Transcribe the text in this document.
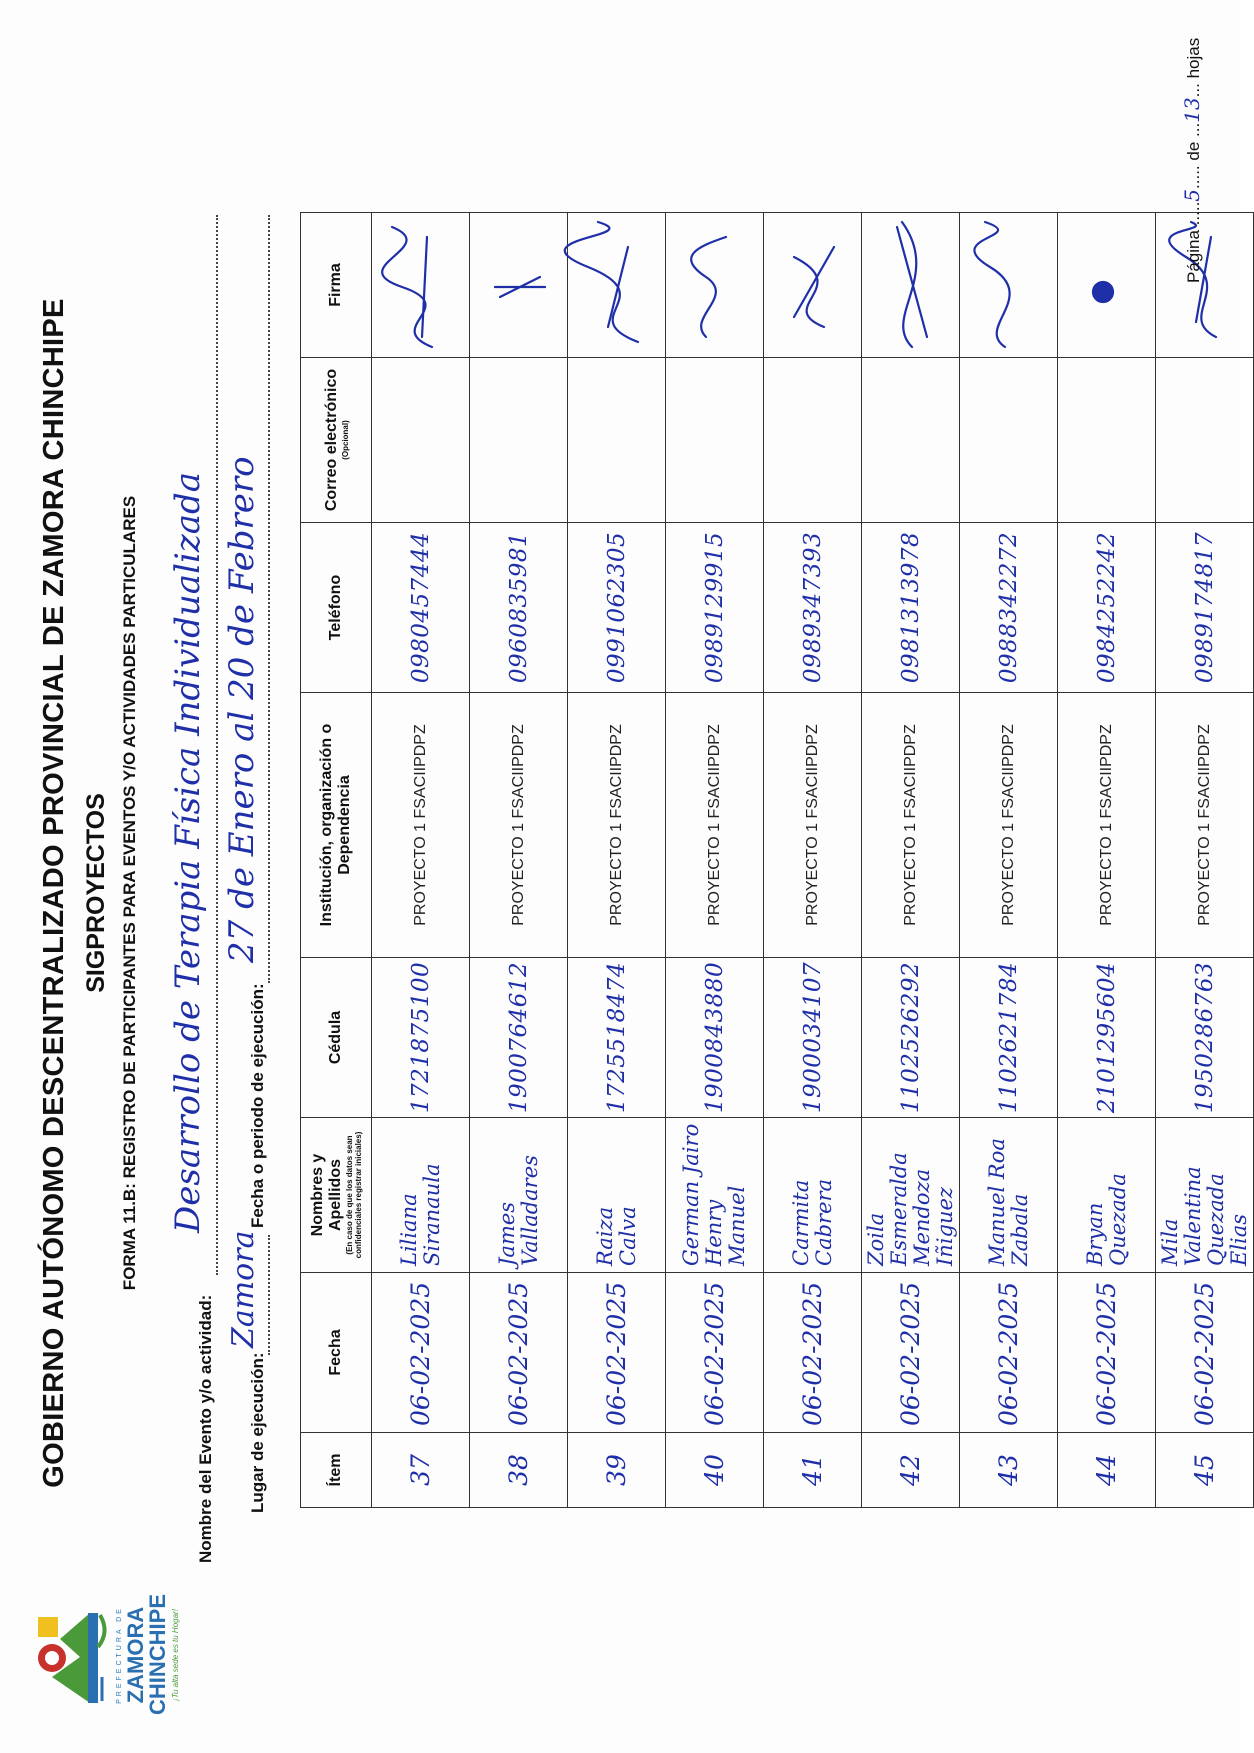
PREFECTURA DE ZAMORA
CHINCHIPE ¡Tu alta sede es tu Hogar!
GOBIERNO AUTÓNOMO DESCENTRALIZADO PROVINCIAL DE ZAMORA CHINCHIPE SIGPROYECTOS FORMA 11.B: REGISTRO DE PARTICIPANTES PARA EVENTOS Y/O ACTIVIDADES PARTICULARES
Nombre del Evento y/o actividad:
Desarrollo de Terapia Física Individualizada
Lugar de ejecución:
Zamora
Fecha o periodo de ejecución:
27 de Enero al 20 de Febrero
Ítem	Fecha	Nombres y Apellidos (En caso de que los datos sean confidenciales registrar iniciales)	Cédula	Institución, organización o Dependencia	Teléfono	Correo electrónico (Opcional)	Firma
37	06-02-2025	Liliana Siranaula	1721875100	PROYECTO 1 FSACIIPDPZ	0980457444		

38	06-02-2025	James Valladares	1900764612	PROYECTO 1 FSACIIPDPZ	0960835981		

39	06-02-2025	Raiza Calva	1725518474	PROYECTO 1 FSACIIPDPZ	0991062305		

40	06-02-2025	German Jairo Henry Manuel	1900843880	PROYECTO 1 FSACIIPDPZ	0989129915		

41	06-02-2025	Carmita Cabrera	1900034107	PROYECTO 1 FSACIIPDPZ	0989347393		

42	06-02-2025	Zoila Esmeralda Mendoza Iñiguez	1102526292	PROYECTO 1 FSACIIPDPZ	0981313978		

43	06-02-2025	Manuel Roa Zabala	1102621784	PROYECTO 1 FSACIIPDPZ	0988342272		

44	06-02-2025	Bryan Quezada	2101295604	PROYECTO 1 FSACIIPDPZ	0984252242		

45	06-02-2025	Mila Valentina Quezada Elias	1950286763	PROYECTO 1 FSACIIPDPZ	0989174817		
Página .....5..... de ...13... hojas
